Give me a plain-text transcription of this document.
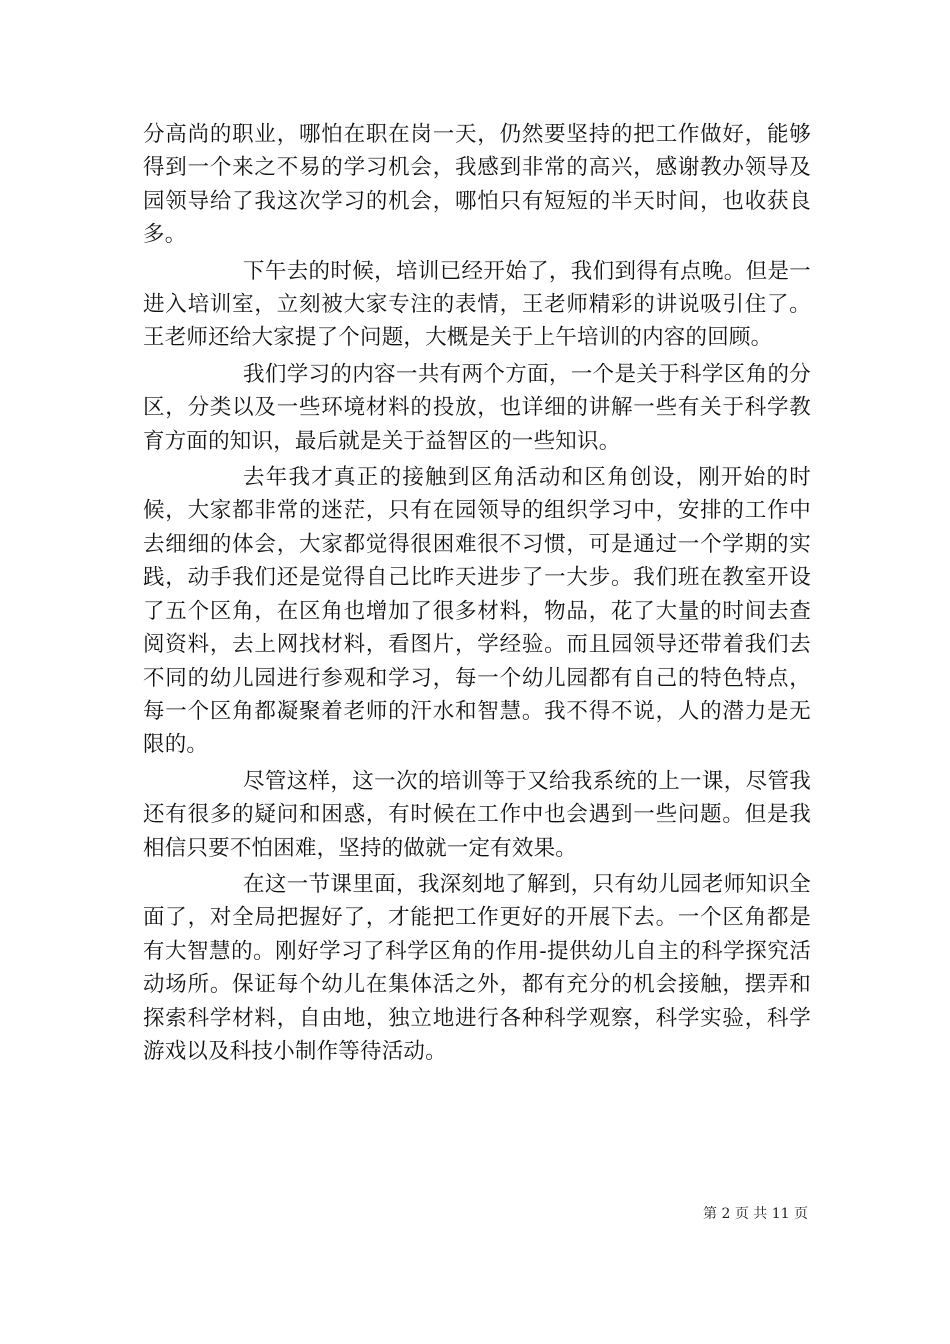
分高尚的职业，哪怕在职在岗一天，仍然要坚持的把工作做好，能够得到一个来之不易的学习机会，我感到非常的高兴，感谢教办领导及园领导给了我这次学习的机会，哪怕只有短短的半天时间，也收获良多。

下午去的时候，培训已经开始了，我们到得有点晚。但是一进入培训室，立刻被大家专注的表情，王老师精彩的讲说吸引住了。王老师还给大家提了个问题，大概是关于上午培训的内容的回顾。

我们学习的内容一共有两个方面，一个是关于科学区角的分区，分类以及一些环境材料的投放，也详细的讲解一些有关于科学教育方面的知识，最后就是关于益智区的一些知识。

去年我才真正的接触到区角活动和区角创设，刚开始的时候，大家都非常的迷茫，只有在园领导的组织学习中，安排的工作中去细细的体会，大家都觉得很困难很不习惯，可是通过一个学期的实践，动手我们还是觉得自己比昨天进步了一大步。我们班在教室开设了五个区角，在区角也增加了很多材料，物品，花了大量的时间去查阅资料，去上网找材料，看图片，学经验。而且园领导还带着我们去不同的幼儿园进行参观和学习，每一个幼儿园都有自己的特色特点，每一个区角都凝聚着老师的汗水和智慧。我不得不说，人的潜力是无限的。

尽管这样，这一次的培训等于又给我系统的上一课，尽管我还有很多的疑问和困惑，有时候在工作中也会遇到一些问题。但是我相信只要不怕困难，坚持的做就一定有效果。

在这一节课里面，我深刻地了解到，只有幼儿园老师知识全面了，对全局把握好了，才能把工作更好的开展下去。一个区角都是有大智慧的。刚好学习了科学区角的作用-提供幼儿自主的科学探究活动场所。保证每个幼儿在集体活之外，都有充分的机会接触，摆弄和探索科学材料，自由地，独立地进行各种科学观察，科学实验，科学游戏以及科技小制作等待活动。

第 2 页 共 11 页
